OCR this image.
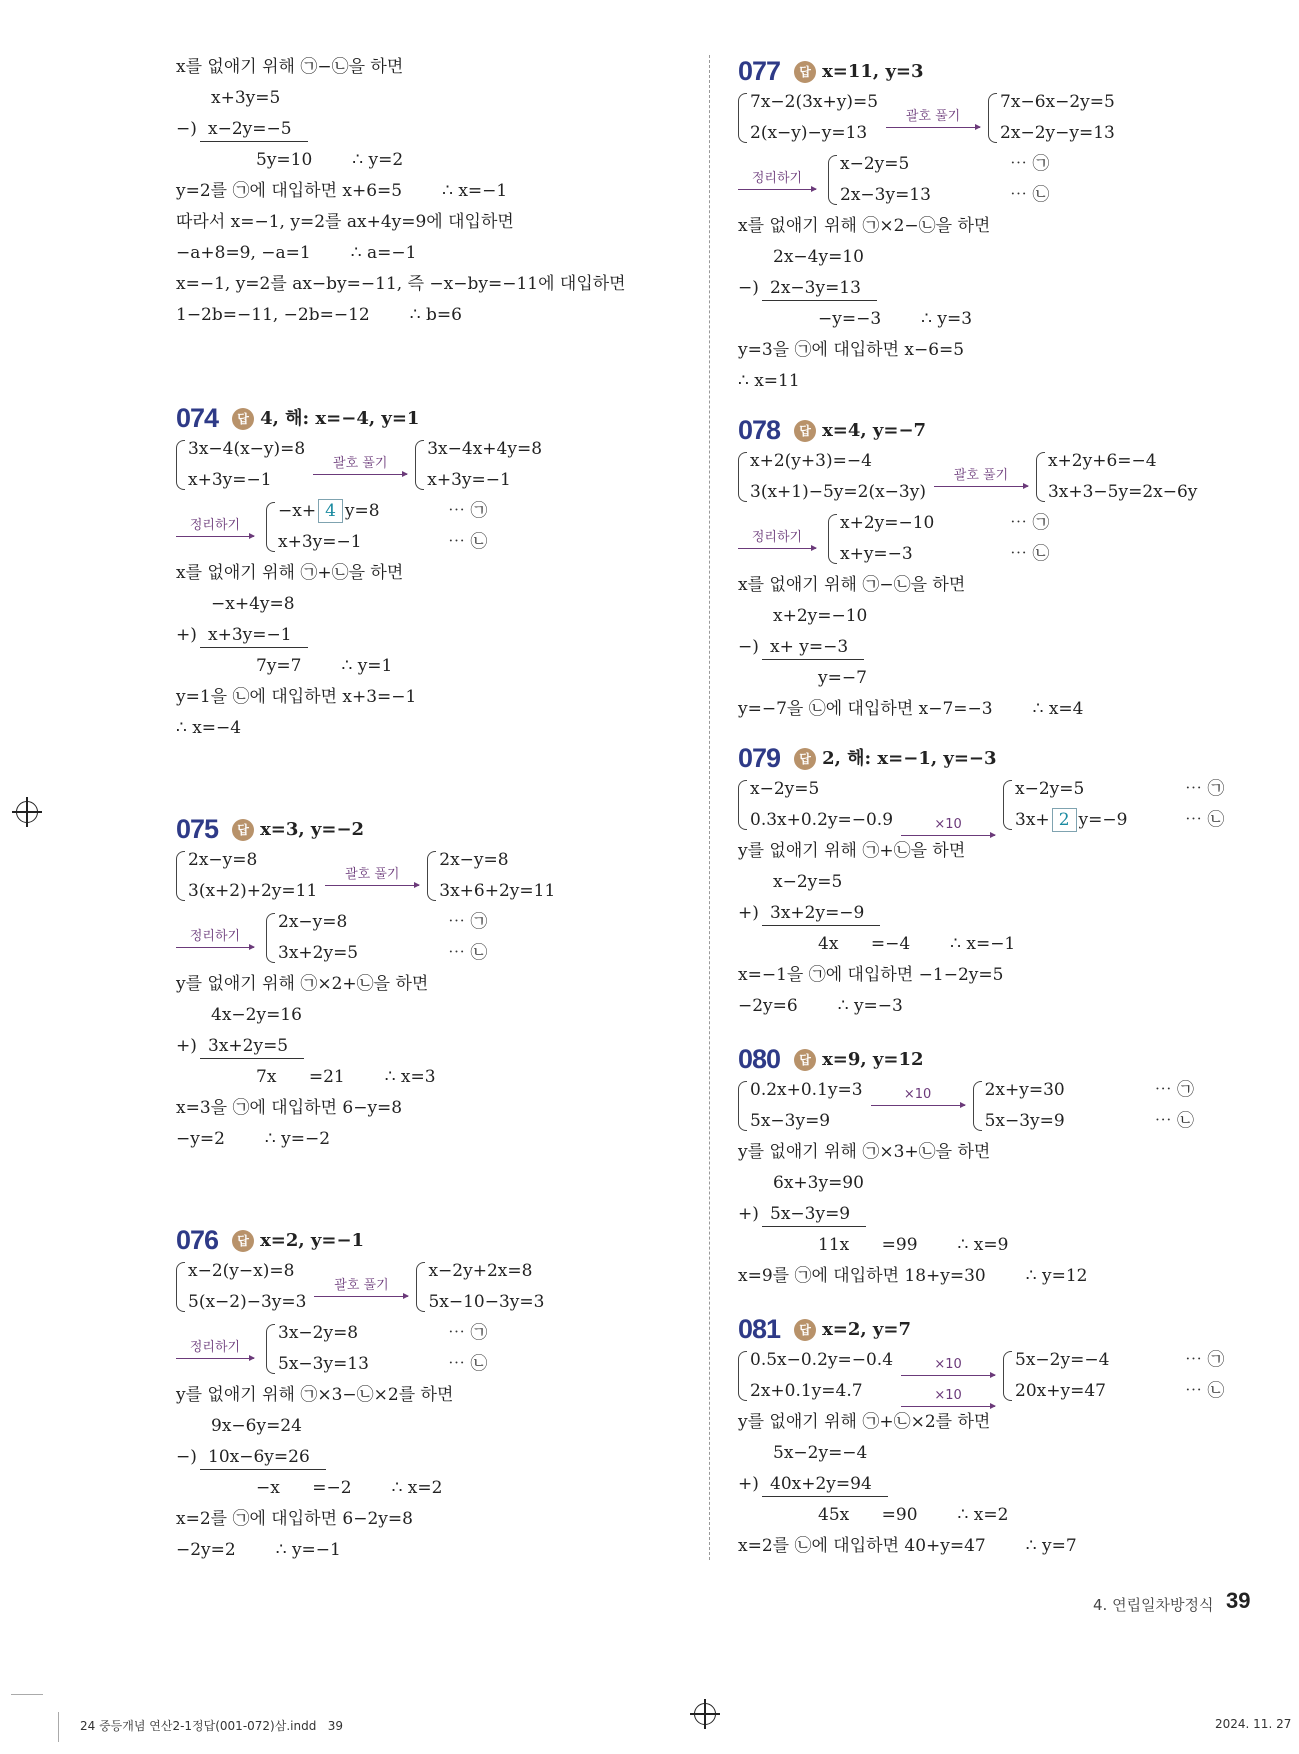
x를 없애기 위해 ㉠−㉡을 하면
x+3y=5
−) x−2y=−5
5y=10 ∴ y=2
y=2를 ㉠에 대입하면 x+6=5 ∴ x=−1
따라서 x=−1, y=2를 ax+4y=9에 대입하면
−a+8=9, −a=1 ∴ a=−1
x=−1, y=2를 ax−by=−11, 즉 −x−by=−11에 대입하면
1−2b=−11, −2b=−12 ∴ b=6
074	답 4, 해: x=−4, y=1
3x−4(x−y)=8
x+3y=−1
괄호 풀기
3x−4x+4y=8
x+3y=−1
정리하기
−x+ 4 y=8
x+3y=−1
⋯ ㉠
⋯ ㉡
x를 없애기 위해 ㉠+㉡을 하면
−x+4y=8
+) x+3y=−1
7y=7 ∴ y=1
y=1을 ㉡에 대입하면 x+3=−1
∴ x=−4
075	답 x=3, y=−2
2x−y=8
3(x+2)+2y=11
괄호 풀기
2x−y=8
3x+6+2y=11
정리하기
2x−y=8
3x+2y=5
⋯ ㉠
⋯ ㉡
y를 없애기 위해 ㉠×2+㉡을 하면
4x−2y=16
+) 3x+2y=5
7x      =21 ∴ x=3
x=3을 ㉠에 대입하면 6−y=8
−y=2 ∴ y=−2
076	답 x=2, y=−1
x−2(y−x)=8
5(x−2)−3y=3
괄호 풀기
x−2y+2x=8
5x−10−3y=3
정리하기
3x−2y=8
5x−3y=13
⋯ ㉠
⋯ ㉡
y를 없애기 위해 ㉠×3−㉡×2를 하면
9x−6y=24
−) 10x−6y=26
−x      =−2 ∴ x=2
x=2를 ㉠에 대입하면 6−2y=8
−2y=2 ∴ y=−1
077	답 x=11, y=3
7x−2(3x+y)=5
2(x−y)−y=13
괄호 풀기
7x−6x−2y=5
2x−2y−y=13
정리하기
x−2y=5
2x−3y=13
⋯ ㉠
⋯ ㉡
x를 없애기 위해 ㉠×2−㉡을 하면
2x−4y=10
−) 2x−3y=13
−y=−3 ∴ y=3
y=3을 ㉠에 대입하면 x−6=5
∴ x=11
078	답 x=4, y=−7
x+2(y+3)=−4
3(x+1)−5y=2(x−3y)
괄호 풀기
x+2y+6=−4
3x+3−5y=2x−6y
정리하기
x+2y=−10
x+y=−3
⋯ ㉠
⋯ ㉡
x를 없애기 위해 ㉠−㉡을 하면
x+2y=−10
−) x+ y=−3
y=−7
y=−7을 ㉡에 대입하면 x−7=−3 ∴ x=4
079	답 2, 해: x=−1, y=−3
x−2y=5
0.3x+0.2y=−0.9	×10
x−2y=5
3x+ 2 y=−9
⋯ ㉠
⋯ ㉡
y를 없애기 위해 ㉠+㉡을 하면
x−2y=5
+) 3x+2y=−9
4x      =−4 ∴ x=−1
x=−1을 ㉠에 대입하면 −1−2y=5
−2y=6 ∴ y=−3
080	답 x=9, y=12
0.2x+0.1y=3
5x−3y=9
×10	2x+y=30
5x−3y=9
⋯ ㉠
⋯ ㉡
y를 없애기 위해 ㉠×3+㉡을 하면
6x+3y=90
+) 5x−3y=9
11x      =99 ∴ x=9
x=9를 ㉠에 대입하면 18+y=30 ∴ y=12
081	답 x=2, y=7
0.5x−0.2y=−0.4
2x+0.1y=4.7
×10
×10
5x−2y=−4
20x+y=47
⋯ ㉠
⋯ ㉡
y를 없애기 위해 ㉠+㉡×2를 하면
5x−2y=−4
+) 40x+2y=94
45x      =90 ∴ x=2
x=2를 ㉡에 대입하면 40+y=47 ∴ y=7
4. 연립일차방정식 39
24 중등개념 연산2-1정답(001-072)삼.indd   39	2024. 11. 27
